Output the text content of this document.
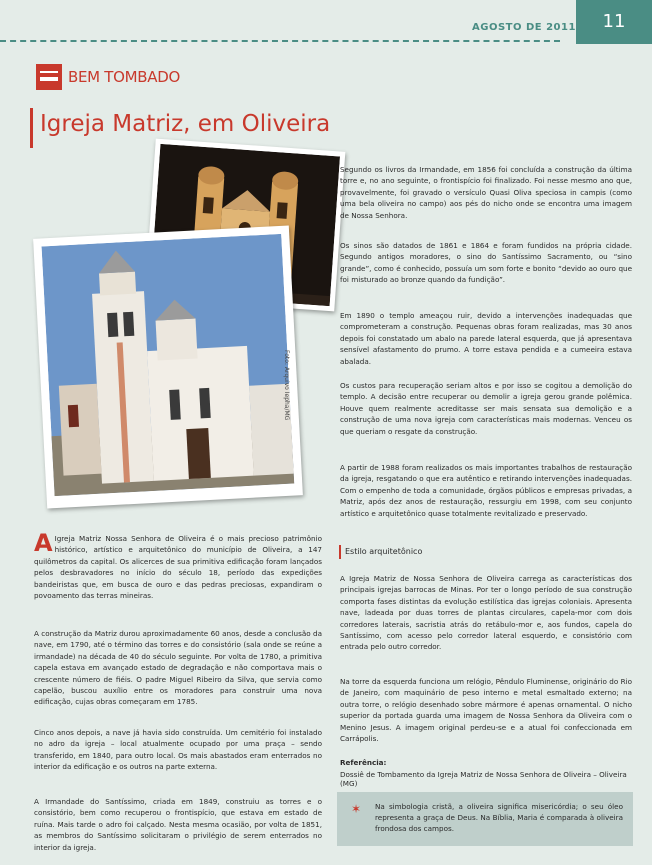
AGOSTO DE 2011	11
BEM TOMBADO
Igreja Matriz, em Oliveira
Foto: Arquivo Iepha/MG

AIgreja Matriz Nossa Senhora de Oliveira é o mais precioso patrimônio histórico, artístico e arquitetônico do município de Oliveira, a 147 quilômetros da capital. Os alicerces de sua primitiva edificação foram lançados pelos desbravadores no início do século 18, período das expedições bandeiristas que, em busca de ouro e das pedras preciosas, expandiram o povoamento das terras mineiras.

A construção da Matriz durou aproximadamente 60 anos, desde a conclusão da nave, em 1790, até o término das torres e do consistório (sala onde se reúne a irmandade) na década de 40 do século seguinte. Por volta de 1780, a primitiva capela estava em avançado estado de degradação e não comportava mais o crescente número de fiéis. O padre Miguel Ribeiro da Silva, que servia como capelão, buscou auxílio entre os moradores para construir uma nova edificação, cujas obras começaram em 1785.

Cinco anos depois, a nave já havia sido construída. Um cemitério foi instalado no adro da igreja – local atualmente ocupado por uma praça – sendo transferido, em 1840, para outro local. Os mais abastados eram enterrados no interior da edificação e os outros na parte externa.

A Irmandade do Santíssimo, criada em 1849, construiu as torres e o consistório, bem como recuperou o frontispício, que estava em estado de ruína. Mais tarde o adro foi calçado. Nesta mesma ocasião, por volta de 1851, as membros do Santíssimo solicitaram o privilégio de serem enterrados no interior da igreja.

Segundo os livros da Irmandade, em 1856 foi concluída a construção da última torre e, no ano seguinte, o frontispício foi finalizado. Foi nesse mesmo ano que, provavelmente, foi gravado o versículo Quasi Oliva speciosa in campis (como uma bela oliveira no campo) aos pés do nicho onde se encontra uma imagem de Nossa Senhora.

Os sinos são datados de 1861 e 1864 e foram fundidos na própria cidade. Segundo antigos moradores, o sino do Santíssimo Sacramento, ou “sino grande”, como é conhecido, possuía um som forte e bonito “devido ao ouro que foi misturado ao bronze quando da fundição”.

Em 1890 o templo ameaçou ruir, devido a intervenções inadequadas que comprometeram a construção. Pequenas obras foram realizadas, mas 30 anos depois foi constatado um abalo na parede lateral esquerda, que já apresentava sensível afastamento do prumo. A torre estava pendida e a cumeeira estava abalada.

Os custos para recuperação seriam altos e por isso se cogitou a demolição do templo. A decisão entre recuperar ou demolir a igreja gerou grande polêmica. Houve quem realmente acreditasse ser mais sensata sua demolição e a construção de uma nova igreja com características mais modernas. Venceu os que queriam o resgate da construção.

A partir de 1988 foram realizados os mais importantes trabalhos de restauração da igreja, resgatando o que era autêntico e retirando intervenções inadequadas. Com o empenho de toda a comunidade, órgãos públicos e empresas privadas, a Matriz, após dez anos de restauração, ressurgiu em 1998, com seu conjunto artístico e arquitetônico quase totalmente revitalizado e preservado.

Estilo arquitetônico

A Igreja Matriz de Nossa Senhora de Oliveira carrega as características dos principais igrejas barrocas de Minas. Por ter o longo período de sua construção comporta fases distintas da evolução estilística das igrejas coloniais. Apresenta nave, ladeada por duas torres de plantas circulares, capela-mor com dois corredores laterais, sacristia atrás do retábulo-mor e, aos fundos, capela do Santíssimo, com acesso pelo corredor lateral esquerdo, e consistório com entrada pelo outro corredor.

Na torre da esquerda funciona um relógio, Pêndulo Fluminense, originário do Rio de Janeiro, com maquinário de peso interno e metal esmaltado externo; na outra torre, o relógio desenhado sobre mármore é apenas ornamental. O nicho superior da portada guarda uma imagem de Nossa Senhora da Oliveira com o Menino Jesus. A imagem original perdeu-se e a atual foi confeccionada em Carrápolis.

Referência:
Dossiê de Tombamento da Igreja Matriz de Nossa Senhora de Oliveira – Oliveira (MG)
✶ Na simbologia cristã, a oliveira significa misericórdia; o seu óleo representa a graça de Deus. Na Bíblia, Maria é comparada à oliveira frondosa dos campos.
